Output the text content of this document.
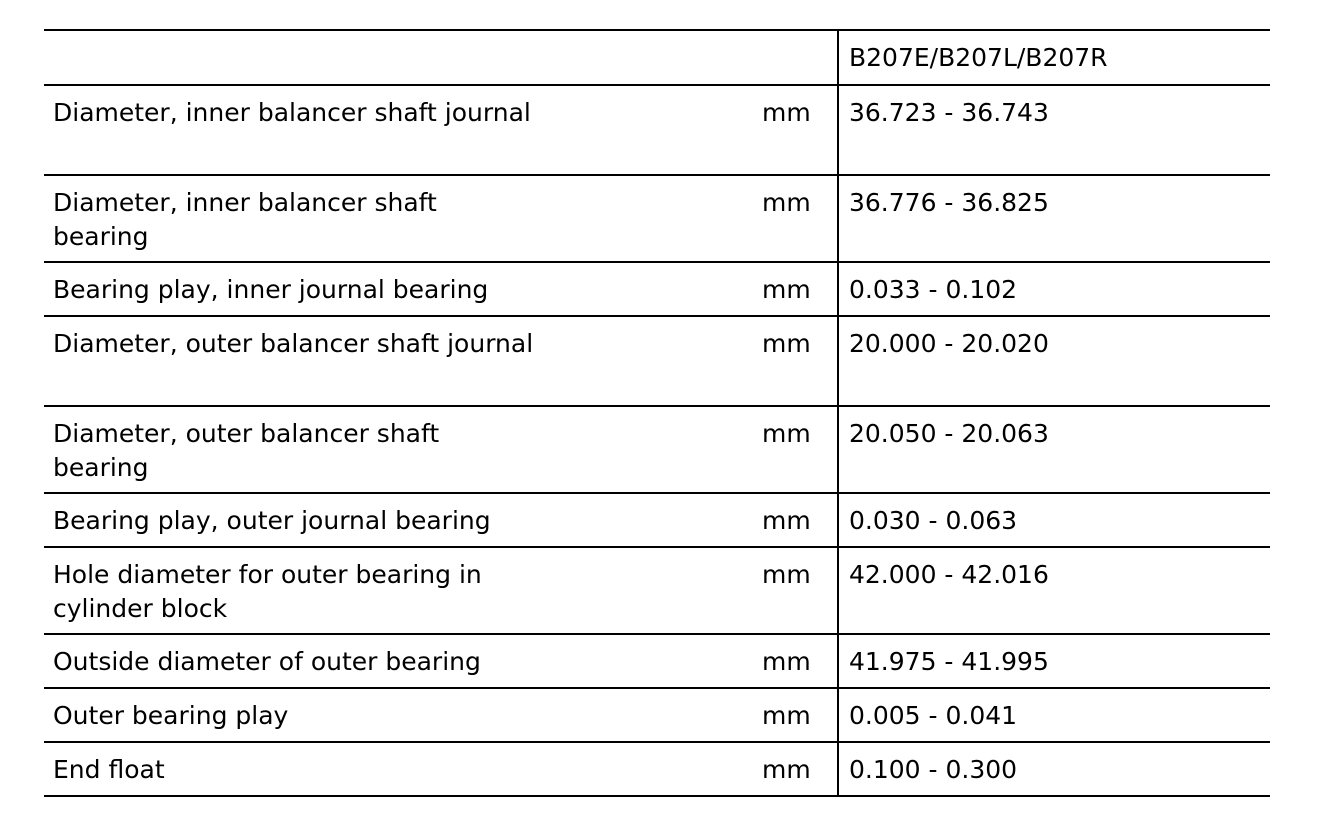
		B207E/B207L/B207R

Diameter, inner balancer shaft journal	mm	36.723 - 36.743

Diameter, inner balancer shaft bearing	mm	36.776 - 36.825

Bearing play, inner journal bearing	mm	0.033 - 0.102

Diameter, outer balancer shaft journal	mm	20.000 - 20.020

Diameter, outer balancer shaft bearing	mm	20.050 - 20.063

Bearing play, outer journal bearing	mm	0.030 - 0.063

Hole diameter for outer bearing in cylinder block	mm	42.000 - 42.016

Outside diameter of outer bearing	mm	41.975 - 41.995

Outer bearing play	mm	0.005 - 0.041

End float	mm	0.100 - 0.300
